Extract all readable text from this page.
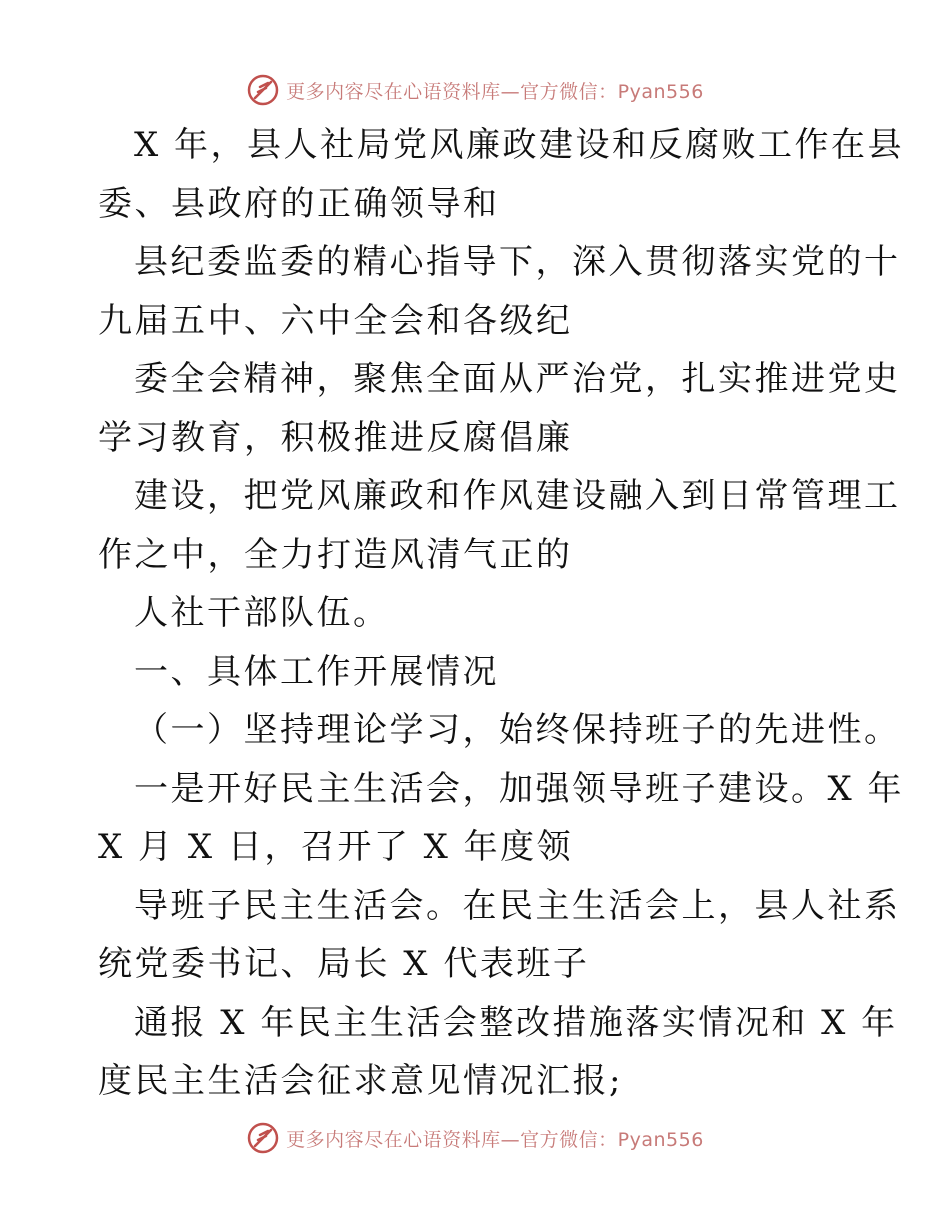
更多内容尽在心语资料库—官方微信：Pyan556
X 年，县人社局党风廉政建设和反腐败工作在县
委、县政府的正确领导和
县纪委监委的精心指导下，深入贯彻落实党的十
九届五中、六中全会和各级纪
委全会精神，聚焦全面从严治党，扎实推进党史
学习教育，积极推进反腐倡廉
建设，把党风廉政和作风建设融入到日常管理工
作之中，全力打造风清气正的
人社干部队伍。
一、具体工作开展情况
（一）坚持理论学习，始终保持班子的先进性。
一是开好民主生活会，加强领导班子建设。X 年
X 月 X 日，召开了 X 年度领
导班子民主生活会。在民主生活会上，县人社系
统党委书记、局长 X 代表班子
通报 X 年民主生活会整改措施落实情况和 X 年
度民主生活会征求意见情况汇报;
更多内容尽在心语资料库—官方微信：Pyan556
